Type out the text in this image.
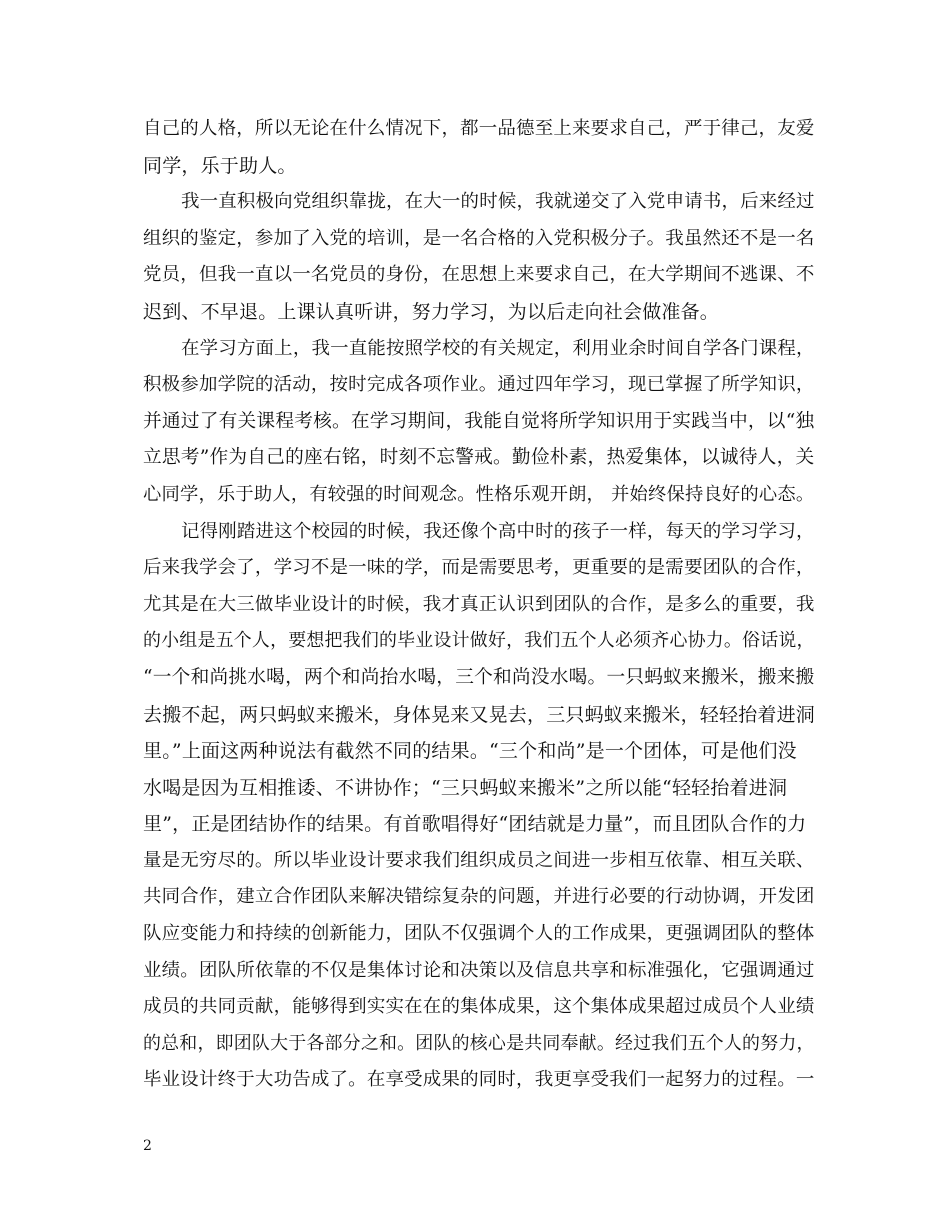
自己的人格，所以无论在什么情况下，都一品德至上来要求自己，严于律己，友爱
同学，乐于助人。
我一直积极向党组织靠拢，在大一的时候，我就递交了入党申请书，后来经过
组织的鉴定，参加了入党的培训，是一名合格的入党积极分子。我虽然还不是一名
党员，但我一直以一名党员的身份，在思想上来要求自己，在大学期间不逃课、不
迟到、不早退。上课认真听讲，努力学习，为以后走向社会做准备。
在学习方面上，我一直能按照学校的有关规定，利用业余时间自学各门课程，
积极参加学院的活动，按时完成各项作业。通过四年学习，现已掌握了所学知识，
并通过了有关课程考核。在学习期间，我能自觉将所学知识用于实践当中，以“独
立思考”作为自己的座右铭，时刻不忘警戒。勤俭朴素，热爱集体，以诚待人，关
心同学，乐于助人，有较强的时间观念。性格乐观开朗， 并始终保持良好的心态。
记得刚踏进这个校园的时候，我还像个高中时的孩子一样，每天的学习学习，
后来我学会了，学习不是一味的学，而是需要思考，更重要的是需要团队的合作，
尤其是在大三做毕业设计的时候，我才真正认识到团队的合作，是多么的重要，我
的小组是五个人，要想把我们的毕业设计做好，我们五个人必须齐心协力。俗话说，
“一个和尚挑水喝，两个和尚抬水喝，三个和尚没水喝。一只蚂蚁来搬米，搬来搬
去搬不起，两只蚂蚁来搬米，身体晃来又晃去，三只蚂蚁来搬米，轻轻抬着进洞
里。”上面这两种说法有截然不同的结果。“三个和尚”是一个团体，可是他们没
水喝是因为互相推诿、不讲协作；“三只蚂蚁来搬米”之所以能“轻轻抬着进洞
里”，正是团结协作的结果。有首歌唱得好“团结就是力量”，而且团队合作的力
量是无穷尽的。所以毕业设计要求我们组织成员之间进一步相互依靠、相互关联、
共同合作，建立合作团队来解决错综复杂的问题，并进行必要的行动协调，开发团
队应变能力和持续的创新能力，团队不仅强调个人的工作成果，更强调团队的整体
业绩。团队所依靠的不仅是集体讨论和决策以及信息共享和标准强化，它强调通过
成员的共同贡献，能够得到实实在在的集体成果，这个集体成果超过成员个人业绩
的总和，即团队大于各部分之和。团队的核心是共同奉献。经过我们五个人的努力，
毕业设计终于大功告成了。在享受成果的同时，我更享受我们一起努力的过程。一
2
